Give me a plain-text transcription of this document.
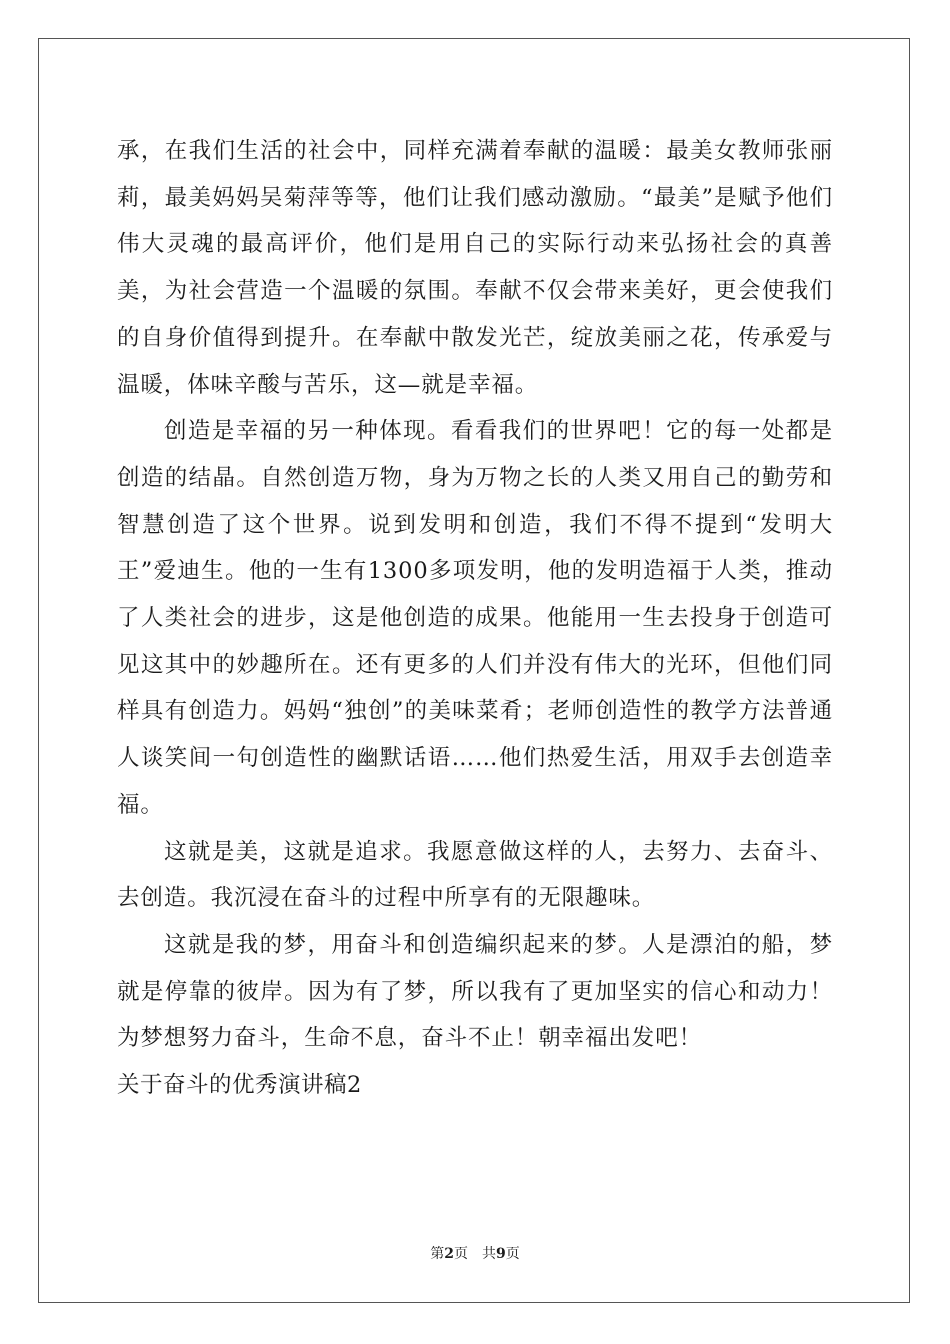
承，在我们生活的社会中，同样充满着奉献的温暖：最美女教师张丽莉，最美妈妈吴菊萍等等，他们让我们感动激励。“最美”是赋予他们伟大灵魂的最高评价，他们是用自己的实际行动来弘扬社会的真善美，为社会营造一个温暖的氛围。奉献不仅会带来美好，更会使我们的自身价值得到提升。在奉献中散发光芒，绽放美丽之花，传承爱与温暖，体味辛酸与苦乐，这—就是幸福。

创造是幸福的另一种体现。看看我们的世界吧！它的每一处都是创造的结晶。自然创造万物，身为万物之长的人类又用自己的勤劳和智慧创造了这个世界。说到发明和创造，我们不得不提到“发明大王”爱迪生。他的一生有1300多项发明，他的发明造福于人类，推动了人类社会的进步，这是他创造的成果。他能用一生去投身于创造可见这其中的妙趣所在。还有更多的人们并没有伟大的光环，但他们同样具有创造力。妈妈“独创”的美味菜肴；老师创造性的教学方法普通人谈笑间一句创造性的幽默话语……他们热爱生活，用双手去创造幸福。

这就是美，这就是追求。我愿意做这样的人，去努力、去奋斗、去创造。我沉浸在奋斗的过程中所享有的无限趣味。

这就是我的梦，用奋斗和创造编织起来的梦。人是漂泊的船，梦就是停靠的彼岸。因为有了梦，所以我有了更加坚实的信心和动力！为梦想努力奋斗，生命不息，奋斗不止！朝幸福出发吧！

关于奋斗的优秀演讲稿2

第2页 共9页
